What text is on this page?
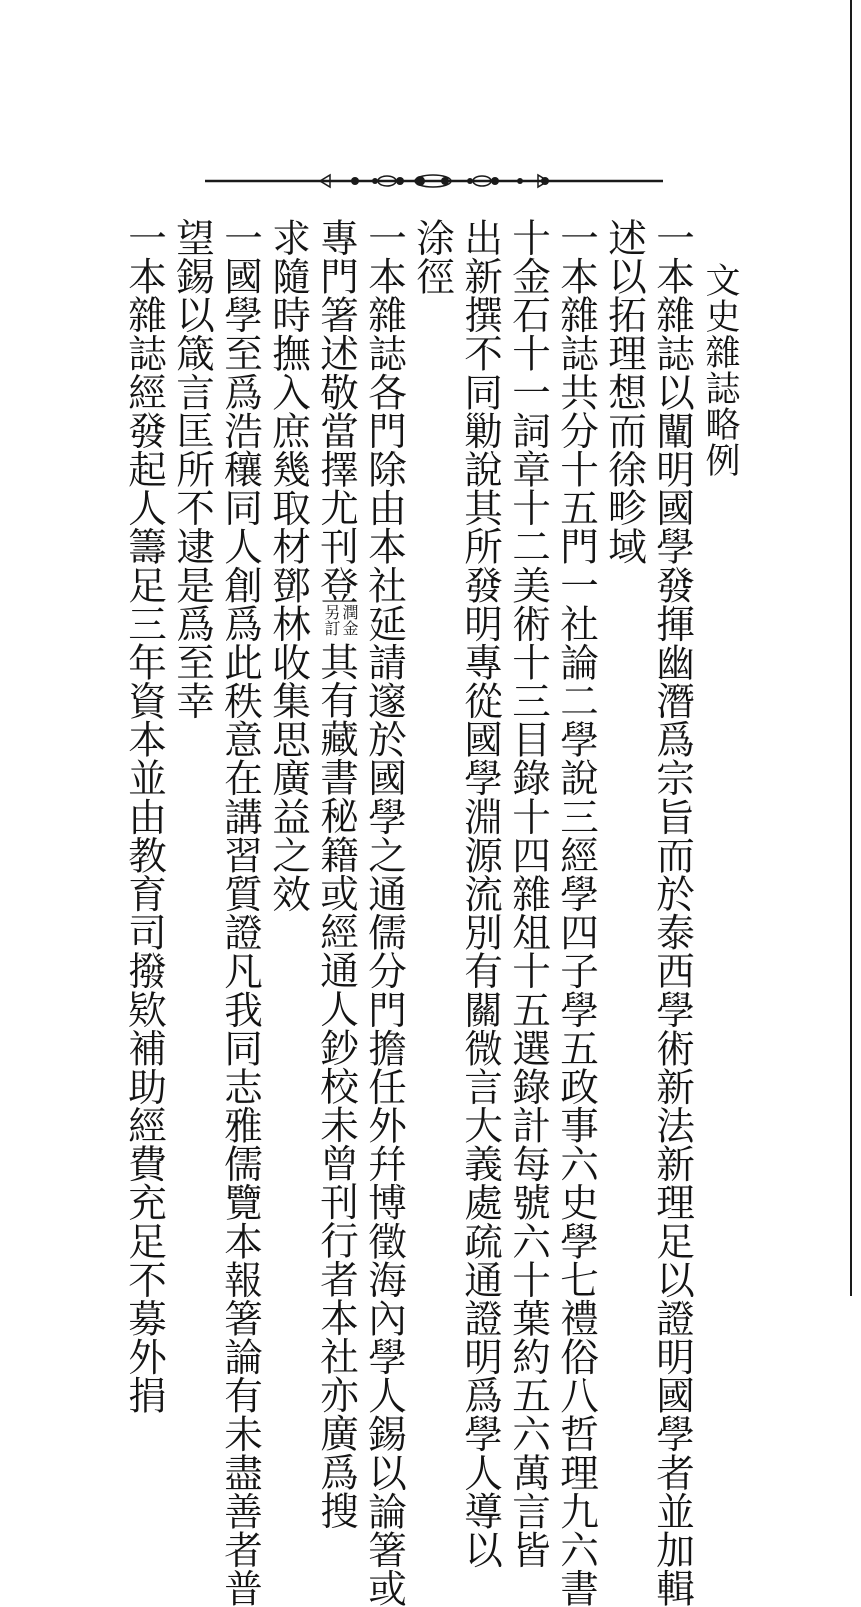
文史雜誌略例
一本雜誌以闡明國學發揮幽潛爲宗旨而於泰西學術新法新理足以證明國學者並加輯
述以拓理想而徐畛域
一本雜誌共分十五門一社論二學說三經學四子學五政事六史學七禮俗八哲理九六書
十金石十一詞章十二美術十三目錄十四雜俎十五選錄計每號六十葉約五六萬言皆
出新撰不同勦說其所發明專從國學淵源流別有關微言大義處疏通證明爲學人導以
涂徑
一本雜誌各門除由本社延請邃於國學之通儒分門擔任外幷博徵海內學人錫以論箸或
專門箸述敬當擇尤刊登
潤金
另訂
其有藏書秘籍或經通人鈔校未曾刊行者本社亦廣爲搜
求隨時撫入庶幾取材鄧林收集思廣益之效
一國學至爲浩穰同人創爲此秩意在講習質證凡我同志雅儒覽本報箸論有未盡善者普
望錫以箴言匡所不逮是爲至幸
一本雜誌經發起人籌足三年資本並由教育司撥欵補助經費充足不募外捐
